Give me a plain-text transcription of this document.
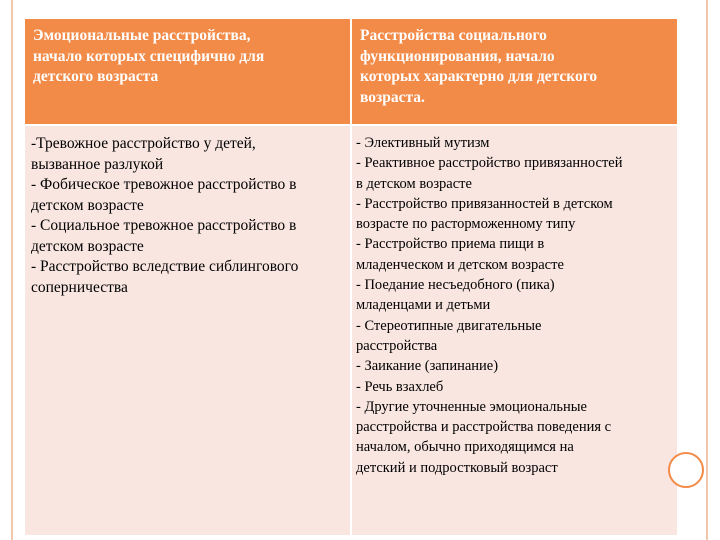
Эмоциональные расстройства,
начало которых специфично для
детского возраста
Расстройства социального
функционирования, начало
которых характерно для детского
возраста.
-Тревожное расстройство у детей,
вызванное разлукой
- Фобическое тревожное расстройство в
детском возрасте
- Социальное тревожное расстройство в
детском возрасте
- Расстройство вследствие сиблингового
соперничества
- Элективный мутизм
- Реактивное расстройство привязанностей
в детском возрасте
- Расстройство привязанностей в детском
возрасте по расторможенному типу
- Расстройство приема пищи в
младенческом и детском возрасте
- Поедание несъедобного (пика)
младенцами и детьми
- Стереотипные двигательные
расстройства
- Заикание (запинание)
- Речь взахлеб
- Другие уточненные эмоциональные
расстройства и расстройства поведения с
началом, обычно приходящимся на
детский и подростковый возраст
